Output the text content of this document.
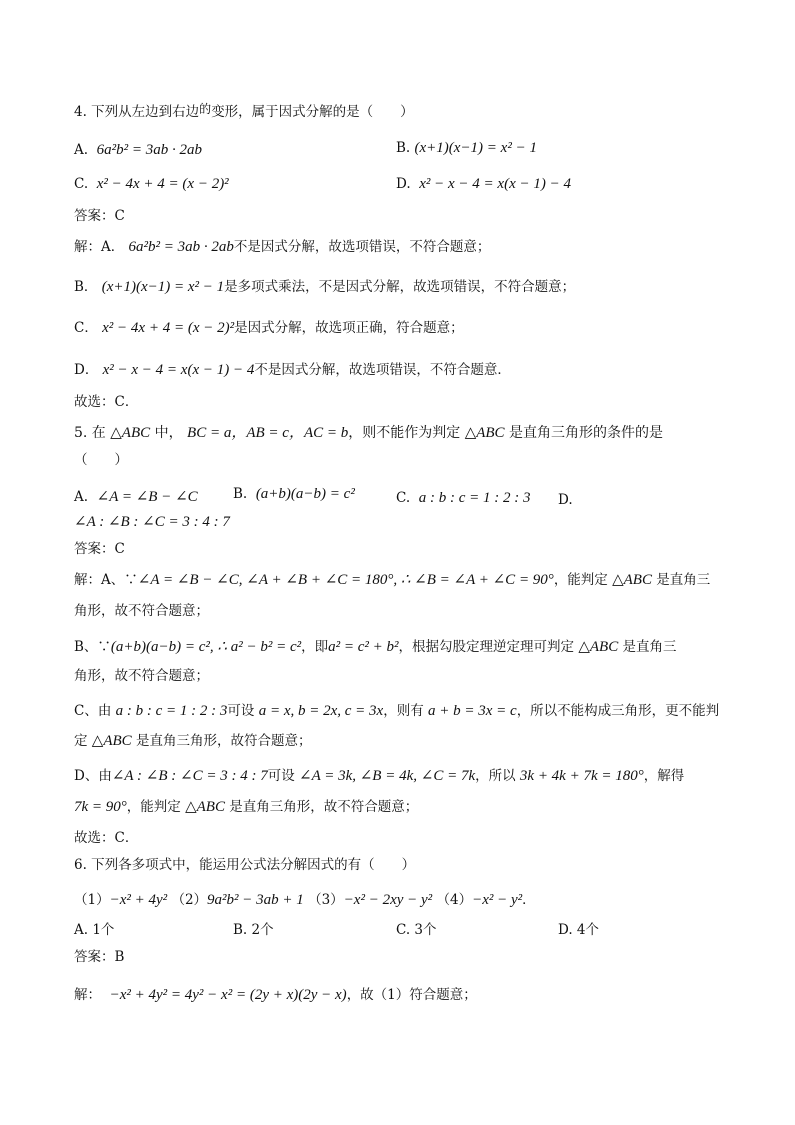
4. 下列从左边到右边的变形，属于因式分解的是（　　）
A. 6a²b² = 3ab · 2ab	B. (x+1)(x−1) = x² − 1
C. x² − 4x + 4 = (x − 2)²	D. x² − x − 4 = x(x − 1) − 4
答案：C
解：A． 6a²b² = 3ab · 2ab不是因式分解，故选项错误，不符合题意；
B． (x+1)(x−1) = x² − 1是多项式乘法，不是因式分解，故选项错误，不符合题意；
C． x² − 4x + 4 = (x − 2)²是因式分解，故选项正确，符合题意；
D． x² − x − 4 = x(x − 1) − 4不是因式分解，故选项错误，不符合题意．
故选：C．
5. 在 △ABC 中， BC = a，AB = c，AC = b，则不能作为判定 △ABC 是直角三角形的条件的是
（　　）
A. ∠A = ∠B − ∠C	B. (a+b)(a−b) = c²	C. a : b : c = 1 : 2 : 3 D.
∠A : ∠B : ∠C = 3 : 4 : 7
答案：C
解：A、∵∠A = ∠B − ∠C, ∠A + ∠B + ∠C = 180°, ∴ ∠B = ∠A + ∠C = 90°，能判定 △ABC 是直角三
角形，故不符合题意；
B、∵(a+b)(a−b) = c², ∴ a² − b² = c²，即a² = c² + b²，根据勾股定理逆定理可判定 △ABC 是直角三
角形，故不符合题意；
C、由 a : b : c = 1 : 2 : 3可设 a = x, b = 2x, c = 3x，则有 a + b = 3x = c，所以不能构成三角形，更不能判
定 △ABC 是直角三角形，故符合题意；
D、由∠A : ∠B : ∠C = 3 : 4 : 7可设 ∠A = 3k, ∠B = 4k, ∠C = 7k，所以 3k + 4k + 7k = 180°，解得
7k = 90°，能判定 △ABC 是直角三角形，故不符合题意；
故选：C．
6. 下列各多项式中，能运用公式法分解因式的有（　　）
（1）−x² + 4y² （2）9a²b² − 3ab + 1 （3）−x² − 2xy − y² （4）−x² − y²．
A. 1个	B. 2个	C. 3个	D. 4个
答案：B
解： −x² + 4y² = 4y² − x² = (2y + x)(2y − x)，故（1）符合题意；
